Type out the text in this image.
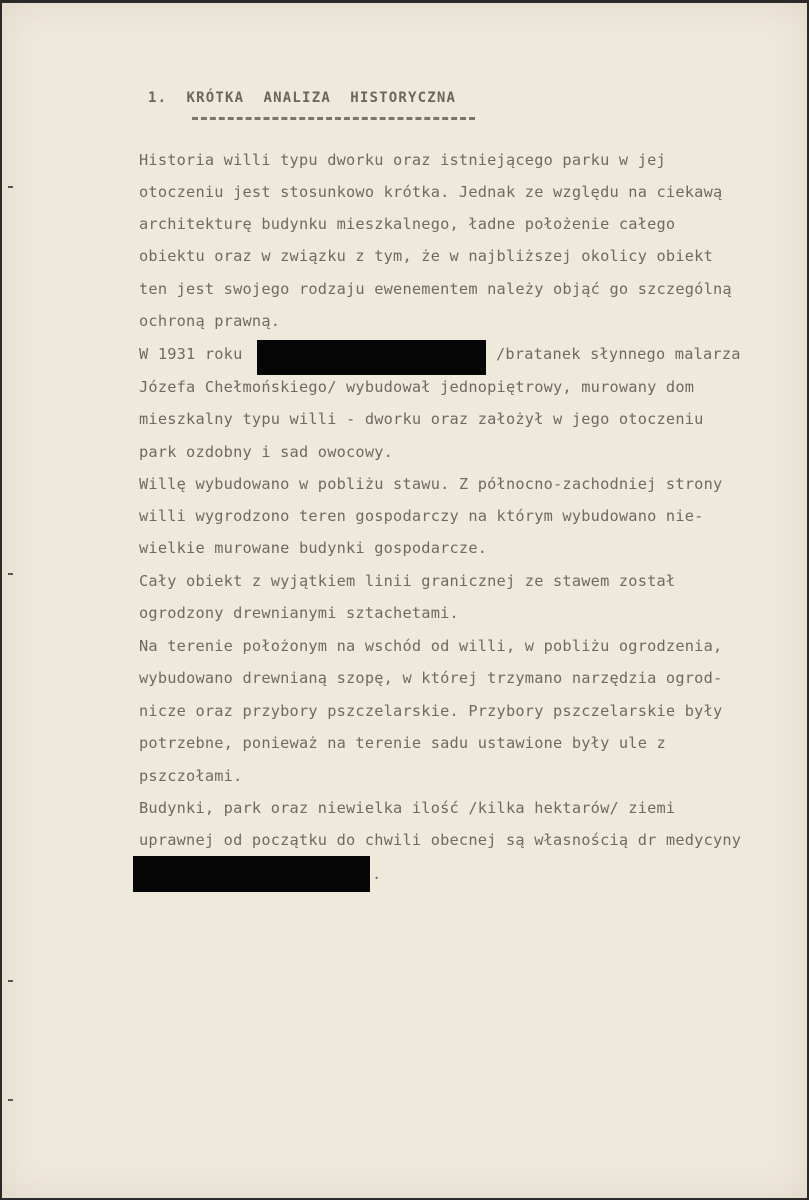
1.  KRÓTKA  ANALIZA  HISTORYCZNA
Historia willi typu dworku oraz istniejącego parku w jej
otoczeniu jest stosunkowo krótka. Jednak ze względu na ciekawą
architekturę budynku mieszkalnego, ładne położenie całego
obiektu oraz w związku z tym, że w najbliższej okolicy obiekt
ten jest swojego rodzaju ewenementem należy objąć go szczególną
ochroną prawną.
W 1931 roku	/bratanek słynnego malarza
Józefa Chełmońskiego/ wybudował jednopiętrowy, murowany dom
mieszkalny typu willi - dworku oraz założył w jego otoczeniu
park ozdobny i sad owocowy.
Willę wybudowano w pobliżu stawu. Z północno-zachodniej strony
willi wygrodzono teren gospodarczy na którym wybudowano nie-
wielkie murowane budynki gospodarcze.
Cały obiekt z wyjątkiem linii granicznej ze stawem został
ogrodzony drewnianymi sztachetami.
Na terenie położonym na wschód od willi, w pobliżu ogrodzenia,
wybudowano drewnianą szopę, w której trzymano narzędzia ogrod-
nicze oraz przybory pszczelarskie. Przybory pszczelarskie były
potrzebne, ponieważ na terenie sadu ustawione były ule z
pszczołami.
Budynki, park oraz niewielka ilość /kilka hektarów/ ziemi
uprawnej od początku do chwili obecnej są własnością dr medycyny
.
